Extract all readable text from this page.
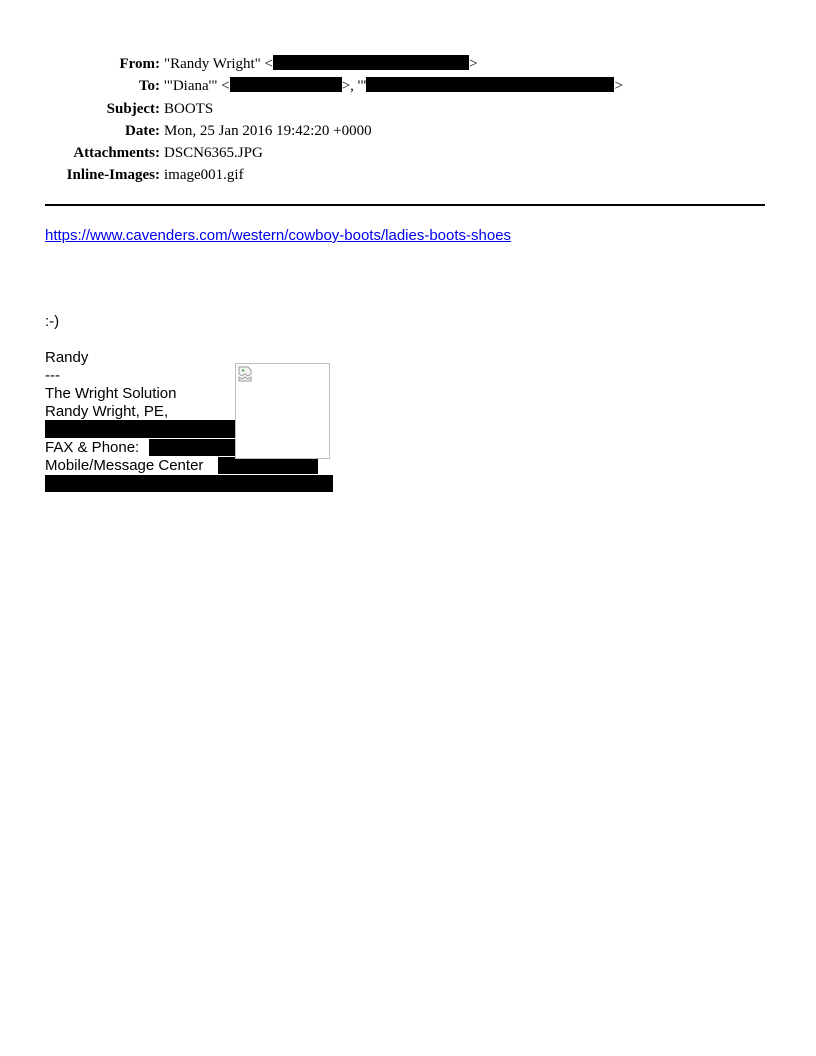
From: "Randy Wright" <	>
To: '"Diana'" <	>, '"	>
Subject: BOOTS
Date: Mon, 25 Jan 2016 19:42:20 +0000
Attachments: DSCN6365.JPG
Inline-Images: image001.gif
https://www.cavenders.com/western/cowboy-boots/ladies-boots-shoes
:-)
Randy
---
The Wright Solution
Randy Wright, PE,
FAX & Phone:
Mobile/Message Center
